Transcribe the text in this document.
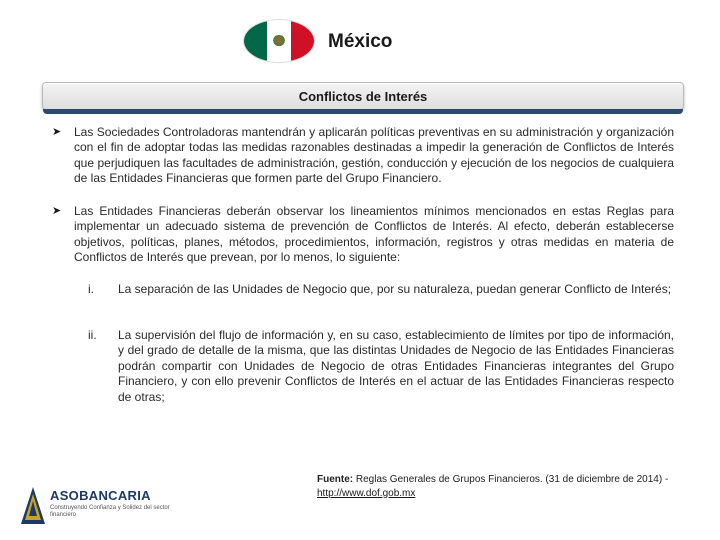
México
Conflictos de Interés
➤	Las Sociedades Controladoras mantendrán y aplicarán políticas preventivas en su administración y organización con el fin de adoptar todas las medidas razonables destinadas a impedir la generación de Conflictos de Interés que perjudiquen las facultades de administración, gestión, conducción y ejecución de los negocios de cualquiera de las Entidades Financieras que formen parte del Grupo Financiero.
➤	Las Entidades Financieras deberán observar los lineamientos mínimos mencionados en estas Reglas para implementar un adecuado sistema de prevención de Conflictos de Interés. Al efecto, deberán establecerse objetivos, políticas, planes, métodos, procedimientos, información, registros y otras medidas en materia de Conflictos de Interés que prevean, por lo menos, lo siguiente:
i. La separación de las Unidades de Negocio que, por su naturaleza, puedan generar Conflicto de Interés;
ii. La supervisión del flujo de información y, en su caso, establecimiento de límites por tipo de información, y del grado de detalle de la misma, que las distintas Unidades de Negocio de las Entidades Financieras podrán compartir con Unidades de Negocio de otras Entidades Financieras integrantes del Grupo Financiero, y con ello prevenir Conflictos de Interés en el actuar de las Entidades Financieras respecto de otras;
Fuente: Reglas Generales de Grupos Financieros. (31 de diciembre de 2014) - http://www.dof.gob.mx
ASOBANCARIA
Construyendo Confianza y Solidez del sector financiero
